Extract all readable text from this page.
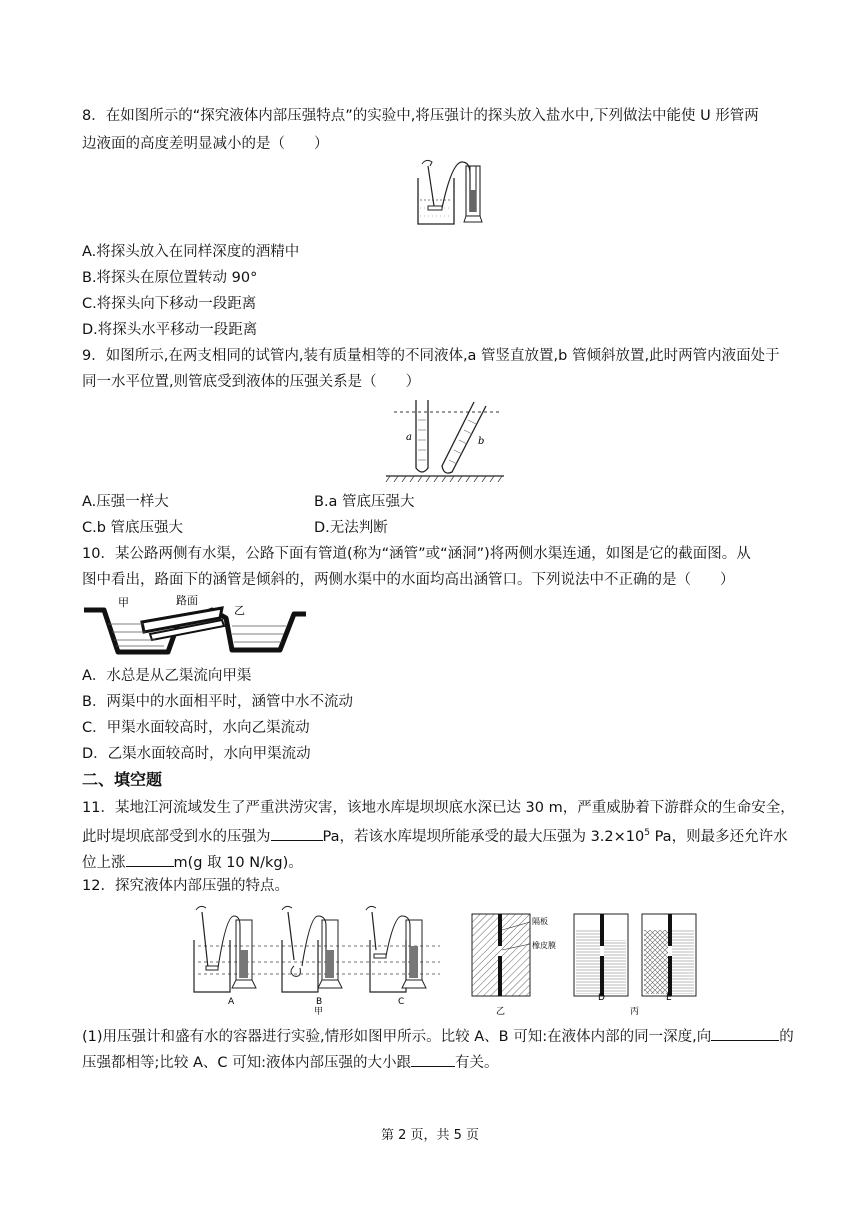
8．在如图所示的“探究液体内部压强特点”的实验中,将压强计的探头放入盐水中,下列做法中能使 U 形管两
边液面的高度差明显减小的是（　　）
A.将探头放入在同样深度的酒精中
B.将探头在原位置转动 90°
C.将探头向下移动一段距离
D.将探头水平移动一段距离
9．如图所示,在两支相同的试管内,装有质量相等的不同液体,a 管竖直放置,b 管倾斜放置,此时两管内液面处于
同一水平位置,则管底受到液体的压强关系是（　　）
a	b
A.压强一样大	B.a 管底压强大
C.b 管底压强大	D.无法判断
10．某公路两侧有水渠，公路下面有管道(称为“涵管”或“涵洞”)将两侧水渠连通，如图是它的截面图。从
图中看出，路面下的涵管是倾斜的，两侧水渠中的水面均高出涵管口。下列说法中不正确的是（　　）
甲	路面
乙
A．水总是从乙渠流向甲渠
B．两渠中的水面相平时，涵管中水不流动
C．甲渠水面较高时，水向乙渠流动
D．乙渠水面较高时，水向甲渠流动
二、填空题
11．某地江河流域发生了严重洪涝灾害，该地水库堤坝坝底水深已达 30 m，严重威胁着下游群众的生命安全，
此时堤坝底部受到水的压强为	Pa，若该水库堤坝所能承受的最大压强为 $3.2\times 10^5$ Pa，则最多还允许水
位上涨	m(g 取 10 N/kg)。
12．探究液体内部压强的特点。
A	B	C
甲
隔板
橡皮膜
乙
D	E
丙
(1)用压强计和盛有水的容器进行实验,情形如图甲所示。比较 A、B 可知:在液体内部的同一深度,向	的
压强都相等;比较 A、C 可知:液体内部压强的大小跟	有关。
第 2 页，共 5 页
